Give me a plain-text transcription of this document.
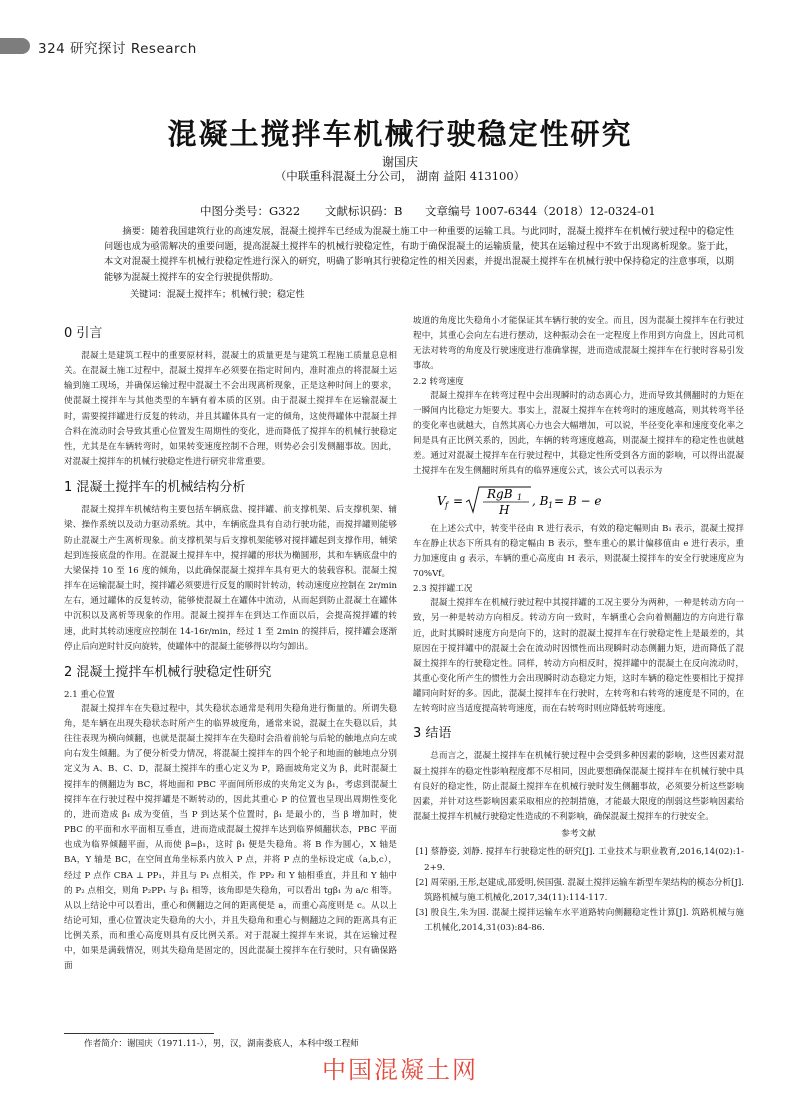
324 研究探讨 Research
混凝土搅拌车机械行驶稳定性研究
谢国庆
（中联重科混凝土分公司， 湖南 益阳 413100）
中图分类号：G322 文献标识码：B 文章编号 1007-6344（2018）12-0324-01
摘要：随着我国建筑行业的高速发展，混凝土搅拌车已经成为混凝土施工中一种重要的运输工具。与此同时，混凝土搅拌车在机械行驶过程中的稳定性问题也成为亟需解决的重要问题，提高混凝土搅拌车的机械行驶稳定性，有助于确保混凝土的运输质量，使其在运输过程中不致于出现离析现象。鉴于此，本文对混凝土搅拌车机械行驶稳定性进行深入的研究，明确了影响其行驶稳定性的相关因素，并提出混凝土搅拌车在机械行驶中保持稳定的注意事项，以期能够为混凝土搅拌车的安全行驶提供帮助。
关键词：混凝土搅拌车；机械行驶；稳定性
0 引言

混凝土是建筑工程中的重要原材料，混凝土的质量更是与建筑工程施工质量息息相关。在混凝土施工过程中，混凝土搅拌车必须要在指定时间内，准时准点的将混凝土运输到施工现场，并确保运输过程中混凝土不会出现离析现象，正是这种时间上的要求，使混凝土搅拌车与其他类型的车辆有着本质的区别。由于混凝土搅拌车在运输混凝土时，需要搅拌罐进行反复的转动，并且其罐体具有一定的倾角，这使得罐体中混凝土拌合料在流动时会导致其重心位置发生周期性的变化，进而降低了搅拌车的机械行驶稳定性，尤其是在车辆转弯时，如果转变速度控制不合理，则势必会引发侧翻事故。因此，对混凝土搅拌车的机械行驶稳定性进行研究非常重要。

1 混凝土搅拌车的机械结构分析

混凝土搅拌车机械结构主要包括车辆底盘、搅拌罐、前支撑机架、后支撑机架、辅梁、操作系统以及动力驱动系统。其中，车辆底盘具有自动行驶功能，而搅拌罐则能够防止混凝土产生离析现象。前支撑机架与后支撑机架能够对搅拌罐起到支撑作用，辅梁起到连接底盘的作用。在混凝土搅拌车中，搅拌罐的形状为椭圆形，其和车辆底盘中的大梁保持 10 至 16 度的倾角，以此确保混凝土搅拌车具有更大的装载容积。混凝土搅拌车在运输混凝土时，搅拌罐必须要进行反复的顺时针转动，转动速度应控制在 2r/min 左右，通过罐体的反复转动，能够使混凝土在罐体中流动，从而起到防止混凝土在罐体中沉积以及离析等现象的作用。混凝土搅拌车在到达工作面以后，会提高搅拌罐的转速，此时其转动速度应控制在 14-16r/min，经过 1 至 2min 的搅拌后，搅拌罐会逐渐停止后向逆时针反向旋转，使罐体中的混凝土能够得以均匀卸出。

2 混凝土搅拌车机械行驶稳定性研究
2.1 重心位置

混凝土搅拌车在失稳过程中，其失稳状态通常是利用失稳角进行衡量的。所谓失稳角，是车辆在出现失稳状态时所产生的临界坡度角，通常来说，混凝土在失稳以后，其往往表现为横向倾翻，也就是混凝土搅拌车在失稳时会沿着前轮与后轮的触地点向左或向右发生倾翻。为了便分析受力情况，将混凝土搅拌车的四个轮子和地面的触地点分别定义为 A、B、C、D，混凝土搅拌车的重心定义为 P，路面坡角定义为 β，此时混凝土搅拌车的侧翻边为 BC，将地面和 PBC 平面间所形成的夹角定义为 β₁，考虑到混凝土搅拌车在行驶过程中搅拌罐是不断转动的，因此其重心 P 的位置也呈现出周期性变化的，进而造成 β₁ 成为变值，当 P 到达某个位置时，β₁ 是最小的，当 β 增加时，使 PBC 的平面和水平面相互垂直，进而造成混凝土搅拌车达到临界倾翻状态，PBC 平面也成为临界倾翻平面，从而使 β=β₁，这时 β₁ 便是失稳角。将 B 作为圆心，X 轴是 BA，Y 轴是 BC，在空间直角坐标系内放入 P 点，并将 P 点的坐标设定成（a,b,c），经过 P 点作 CBA ⊥ PP₁，并且与 P₁ 点相关，作 PP₂ 和 Y 轴相垂直，并且和 Y 轴中的 P₂ 点相交，则角 P₂PP₁ 与 β₁ 相等，该角即是失稳角，可以看出 tgβ₁ 为 a/c 相等。从以上结论中可以看出，重心和侧翻边之间的距离便是 a，而重心高度则是 c。从以上结论可知，重心位置决定失稳角的大小，并且失稳角和重心与侧翻边之间的距离具有正比例关系，而和重心高度则具有反比例关系。对于混凝土搅拌车来说，其在运输过程中，如果是满载情况，则其失稳角是固定的，因此混凝土搅拌车在行驶时，只有确保路面

坡道的角度比失稳角小才能保证其车辆行驶的安全。而且，因为混凝土搅拌车在行驶过程中，其重心会向左右进行摆动，这种振动会在一定程度上作用到方向盘上，因此司机无法对转弯的角度及行驶速度进行准确掌握，进而造成混凝土搅拌车在行驶时容易引发事故。

2.2 转弯速度

混凝土搅拌车在转弯过程中会出现瞬时的动态离心力，进而导致其侧翻时的力矩在一瞬间内比稳定力矩要大。事实上，混凝土搅拌车在转弯时的速度越高，则其转弯半径的变化率也就越大，自然其离心力也会大幅增加，可以说，半径变化率和速度变化率之间是具有正比例关系的，因此，车辆的转弯速度越高，则混凝土搅拌车的稳定性也就越差。通过对混凝土搅拌车在行驶过程中，其稳定性所受到各方面的影响，可以得出混凝土搅拌车在发生侧翻时所具有的临界速度公式，该公式可以表示为

V f = RgB 1
H
, B 1 = B − e

在上述公式中，转变半径由 R 进行表示，有效的稳定幅则由 B₁ 表示，混凝土搅拌车在静止状态下所具有的稳定幅由 B 表示，整车重心的累计偏移值由 e 进行表示，重力加速度由 g 表示，车辆的重心高度由 H 表示，则混凝土搅拌车的安全行驶速度应为 70%Vf。

2.3 搅拌罐工况

混凝土搅拌车在机械行驶过程中其搅拌罐的工况主要分为两种，一种是转动方向一致，另一种是转动方向相反。转动方向一致时，车辆重心会向着侧翻边的方向进行靠近，此时其瞬时速度方向是向下的，这时的混凝土搅拌车在行驶稳定性上是最差的，其原因在于搅拌罐中的混凝土会在流动时因惯性而出现瞬时动态侧翻力矩，进而降低了混凝土搅拌车的行驶稳定性。同样，转动方向相反时，搅拌罐中的混凝土在反向流动时，其重心变化所产生的惯性力会出现瞬时动态稳定力矩，这时车辆的稳定性要相比于搅拌罐同向时好的多。因此，混凝土搅拌车在行驶时，左转弯和右转弯的速度是不同的，在左转弯时应当适度提高转弯速度，而在右转弯时则应降低转弯速度。

3 结语

总而言之，混凝土搅拌车在机械行驶过程中会受到多种因素的影响，这些因素对混凝土搅拌车的稳定性影响程度都不尽相同，因此要想确保混凝土搅拌车在机械行驶中具有良好的稳定性，防止混凝土搅拌车在机械行驶时发生侧翻事故，必须要分析这些影响因素，并针对这些影响因素采取相应的控制措施，才能最大限度的削弱这些影响因素给混凝土搅拌车机械行驶稳定性造成的不利影响，确保混凝土搅拌车的行驶安全。

参考文献

[1] 蔡静姿, 刘静. 搅拌车行驶稳定性的研究[J]. 工业技术与职业教育,2016,14(02):1-2+9.
[2] 周荣丽,王彤,赵建成,邵爱明,侯国强. 混凝土搅拌运输车新型车架结构的模态分析[J]. 筑路机械与施工机械化,2017,34(11):114-117.
[3] 殷良生,朱为国. 混凝土搅拌运输车水平道路转向侧翻稳定性计算[J]. 筑路机械与施工机械化,2014,31(03):84-86.
作者简介：谢国庆（1971.11-），男，汉，湖南娄底人，本科中级工程师
中国混凝土网
